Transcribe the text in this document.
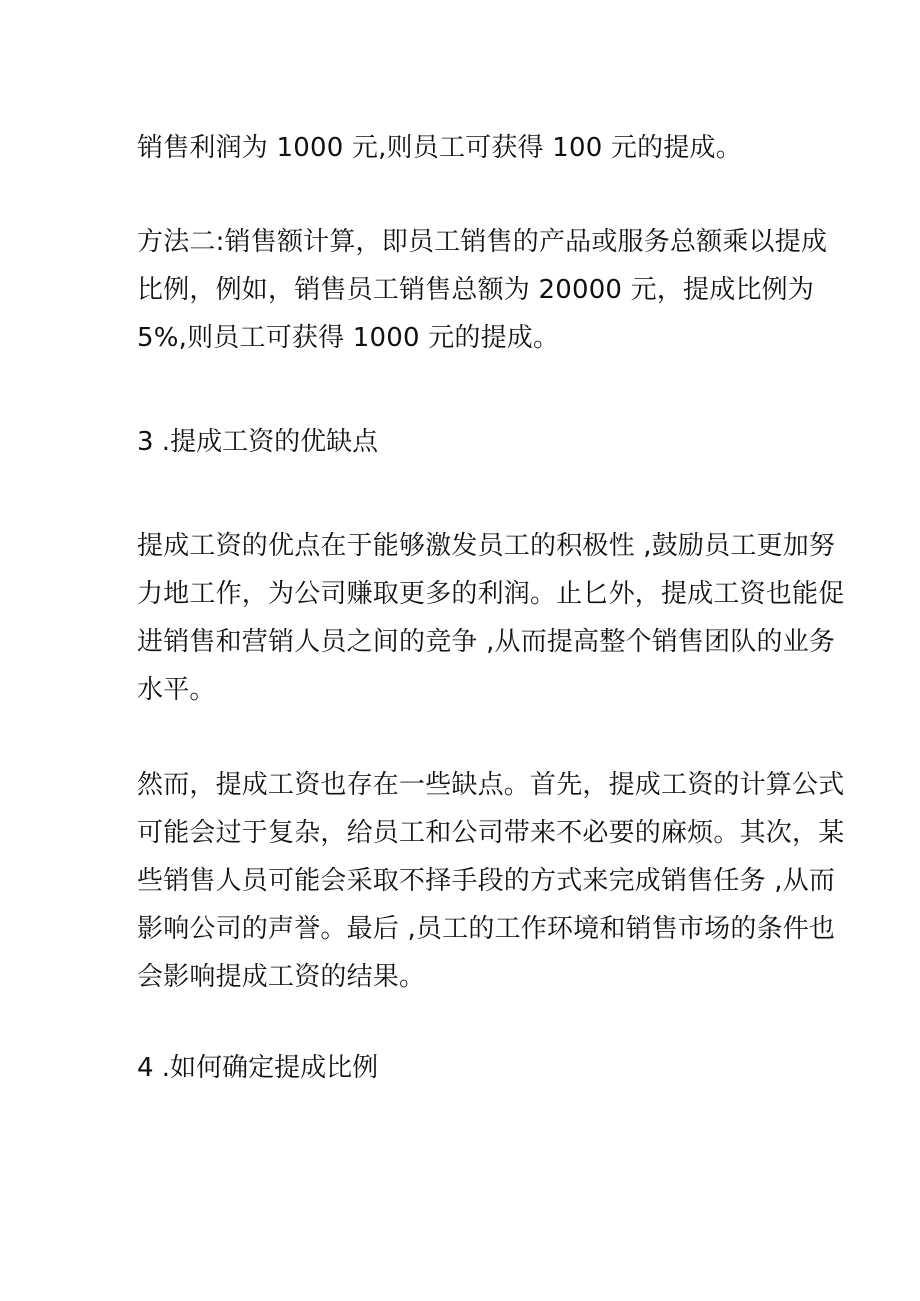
销售利润为 1000 元,则员工可获得 100 元的提成。
方法二:销售额计算，即员工销售的产品或服务总额乘以提成
比例，例如，销售员工销售总额为 20000 元，提成比例为
5%,则员工可获得 1000 元的提成。
3 .提成工资的优缺点
提成工资的优点在于能够激发员工的积极性 ,鼓励员工更加努
力地工作，为公司赚取更多的利润。止匕外，提成工资也能促
进销售和营销人员之间的竞争 ,从而提高整个销售团队的业务
水平。
然而，提成工资也存在一些缺点。首先，提成工资的计算公式
可能会过于复杂，给员工和公司带来不必要的麻烦。其次，某
些销售人员可能会采取不择手段的方式来完成销售任务 ,从而
影响公司的声誉。最后 ,员工的工作环境和销售市场的条件也
会影响提成工资的结果。
4 .如何确定提成比例
